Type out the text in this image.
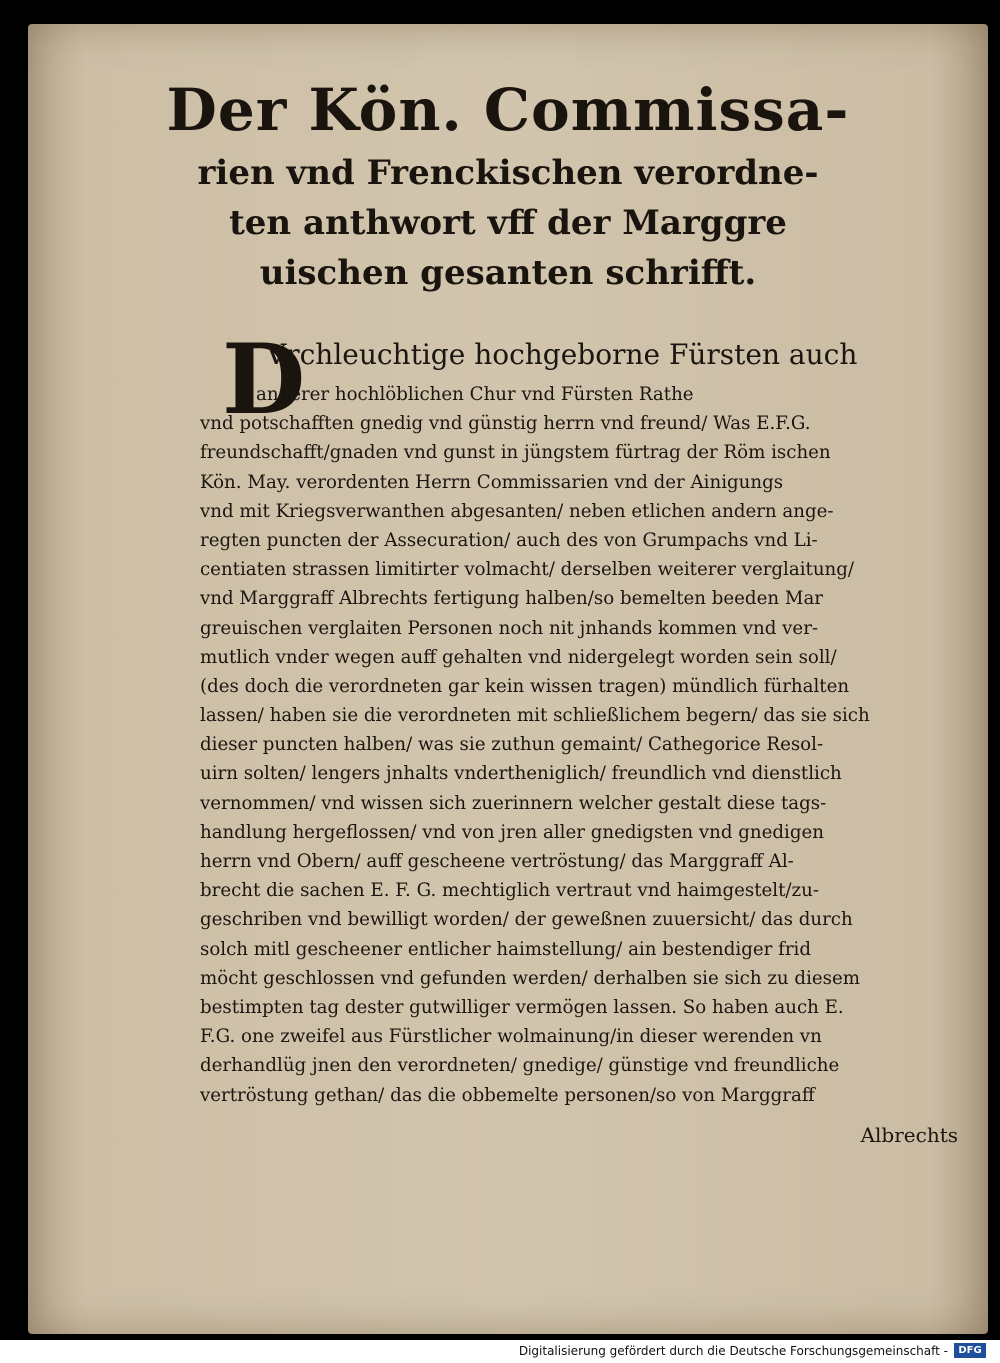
Der Kön. Commissa-
rien vnd Frenckischen verordne-
ten anthwort vff der Marggre
uischen gesanten schrifft.
D
Vrchleuchtige hochgeborne Fürsten auch
anderer hochlöblichen Chur vnd Fürsten Rathe
vnd potschafften gnedig vnd günstig herrn vnd freund/ Was E.F.G.
freundschafft/gnaden vnd gunst in jüngstem fürtrag der Röm ischen
Kön. May. verordenten Herrn Commissarien vnd der Ainigungs
vnd mit Kriegsverwanthen abgesanten/ neben etlichen andern ange-
regten puncten der Assecuration/ auch des von Grumpachs vnd Li-
centiaten strassen limitirter volmacht/ derselben weiterer verglaitung/
vnd Marggraff Albrechts fertigung halben/so bemelten beeden Mar
greuischen verglaiten Personen noch nit jnhands kommen vnd ver-
mutlich vnder wegen auff gehalten vnd nidergelegt worden sein soll/
(des doch die verordneten gar kein wissen tragen) mündlich fürhalten
lassen/ haben sie die verordneten mit schließlichem begern/ das sie sich
dieser puncten halben/ was sie zuthun gemaint/ Cathegorice Resol-
uirn solten/ lengers jnhalts vndertheniglich/ freundlich vnd dienstlich
vernommen/ vnd wissen sich zuerinnern welcher gestalt diese tags-
handlung hergeflossen/ vnd von jren aller gnedigsten vnd gnedigen
herrn vnd Obern/ auff gescheene vertröstung/ das Marggraff Al-
brecht die sachen E. F. G. mechtiglich vertraut vnd haimgestelt/zu-
geschriben vnd bewilligt worden/ der geweßnen zuuersicht/ das durch
solch mitl gescheener entlicher haimstellung/ ain bestendiger frid
möcht geschlossen vnd gefunden werden/ derhalben sie sich zu diesem
bestimpten tag dester gutwilliger vermögen lassen. So haben auch E.
F.G. one zweifel aus Fürstlicher wolmainung/in dieser werenden vn
derhandlüg jnen den verordneten/ gnedige/ günstige vnd freundliche
vertröstung gethan/ das die obbemelte personen/so von Marggraff
Albrechts
Digitalisierung gefördert durch die Deutsche Forschungsgemeinschaft -	DFG
